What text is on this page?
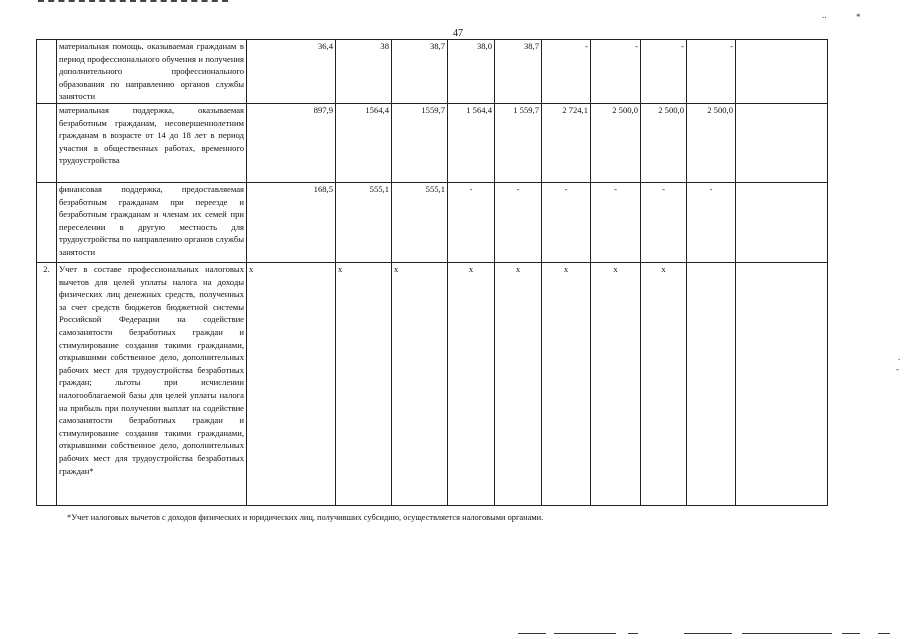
..	*
.
-
47
	материальная помощь, оказываемая гражданам в период профессионального обучения и получения дополнительного профессионального образования по направлению органов службы занятости	36,4	38	38,7	38,0	38,7	-	-	-	-	
	материальная поддержка, оказываемая безработным гражданам, несовершеннолетним гражданам в возрасте от 14 до 18 лет в период участия в общественных работах, временного трудоустройства	897,9	1564,4	1559,7	1 564,4	1 559,7	2 724,1	2 500,0	2 500,0	2 500,0	
	финансовая поддержка, предоставляемая безработным гражданам при переезде и безработным гражданам и членам их семей при переселении в другую местность для трудоустройства по направлению органов службы занятости	168,5	555,1	555,1	-	-	-	-	-	-	
2.	Учет в составе профессиональных налоговых вычетов для целей уплаты налога на доходы физических лиц денежных средств, полученных за счет средств бюджетов бюджетной системы Российской Федерации на содействие самозанятости безработных граждан и стимулирование создания такими гражданами, открывшими собственное дело, дополнительных рабочих мест для трудоустройства безработных граждан; льготы при исчислении налогооблагаемой базы для целей уплаты налога на прибыль при получении выплат на содействие самозанятости безработных граждан и стимулирование создания такими гражданами, открывшими собственное дело, дополнительных рабочих мест для трудоустройства безработных граждан*	x	x	x	x	x	x	x	x		
*Учет налоговых вычетов с доходов физических и юридических лиц, получивших субсидию, осуществляется налоговыми органами.
